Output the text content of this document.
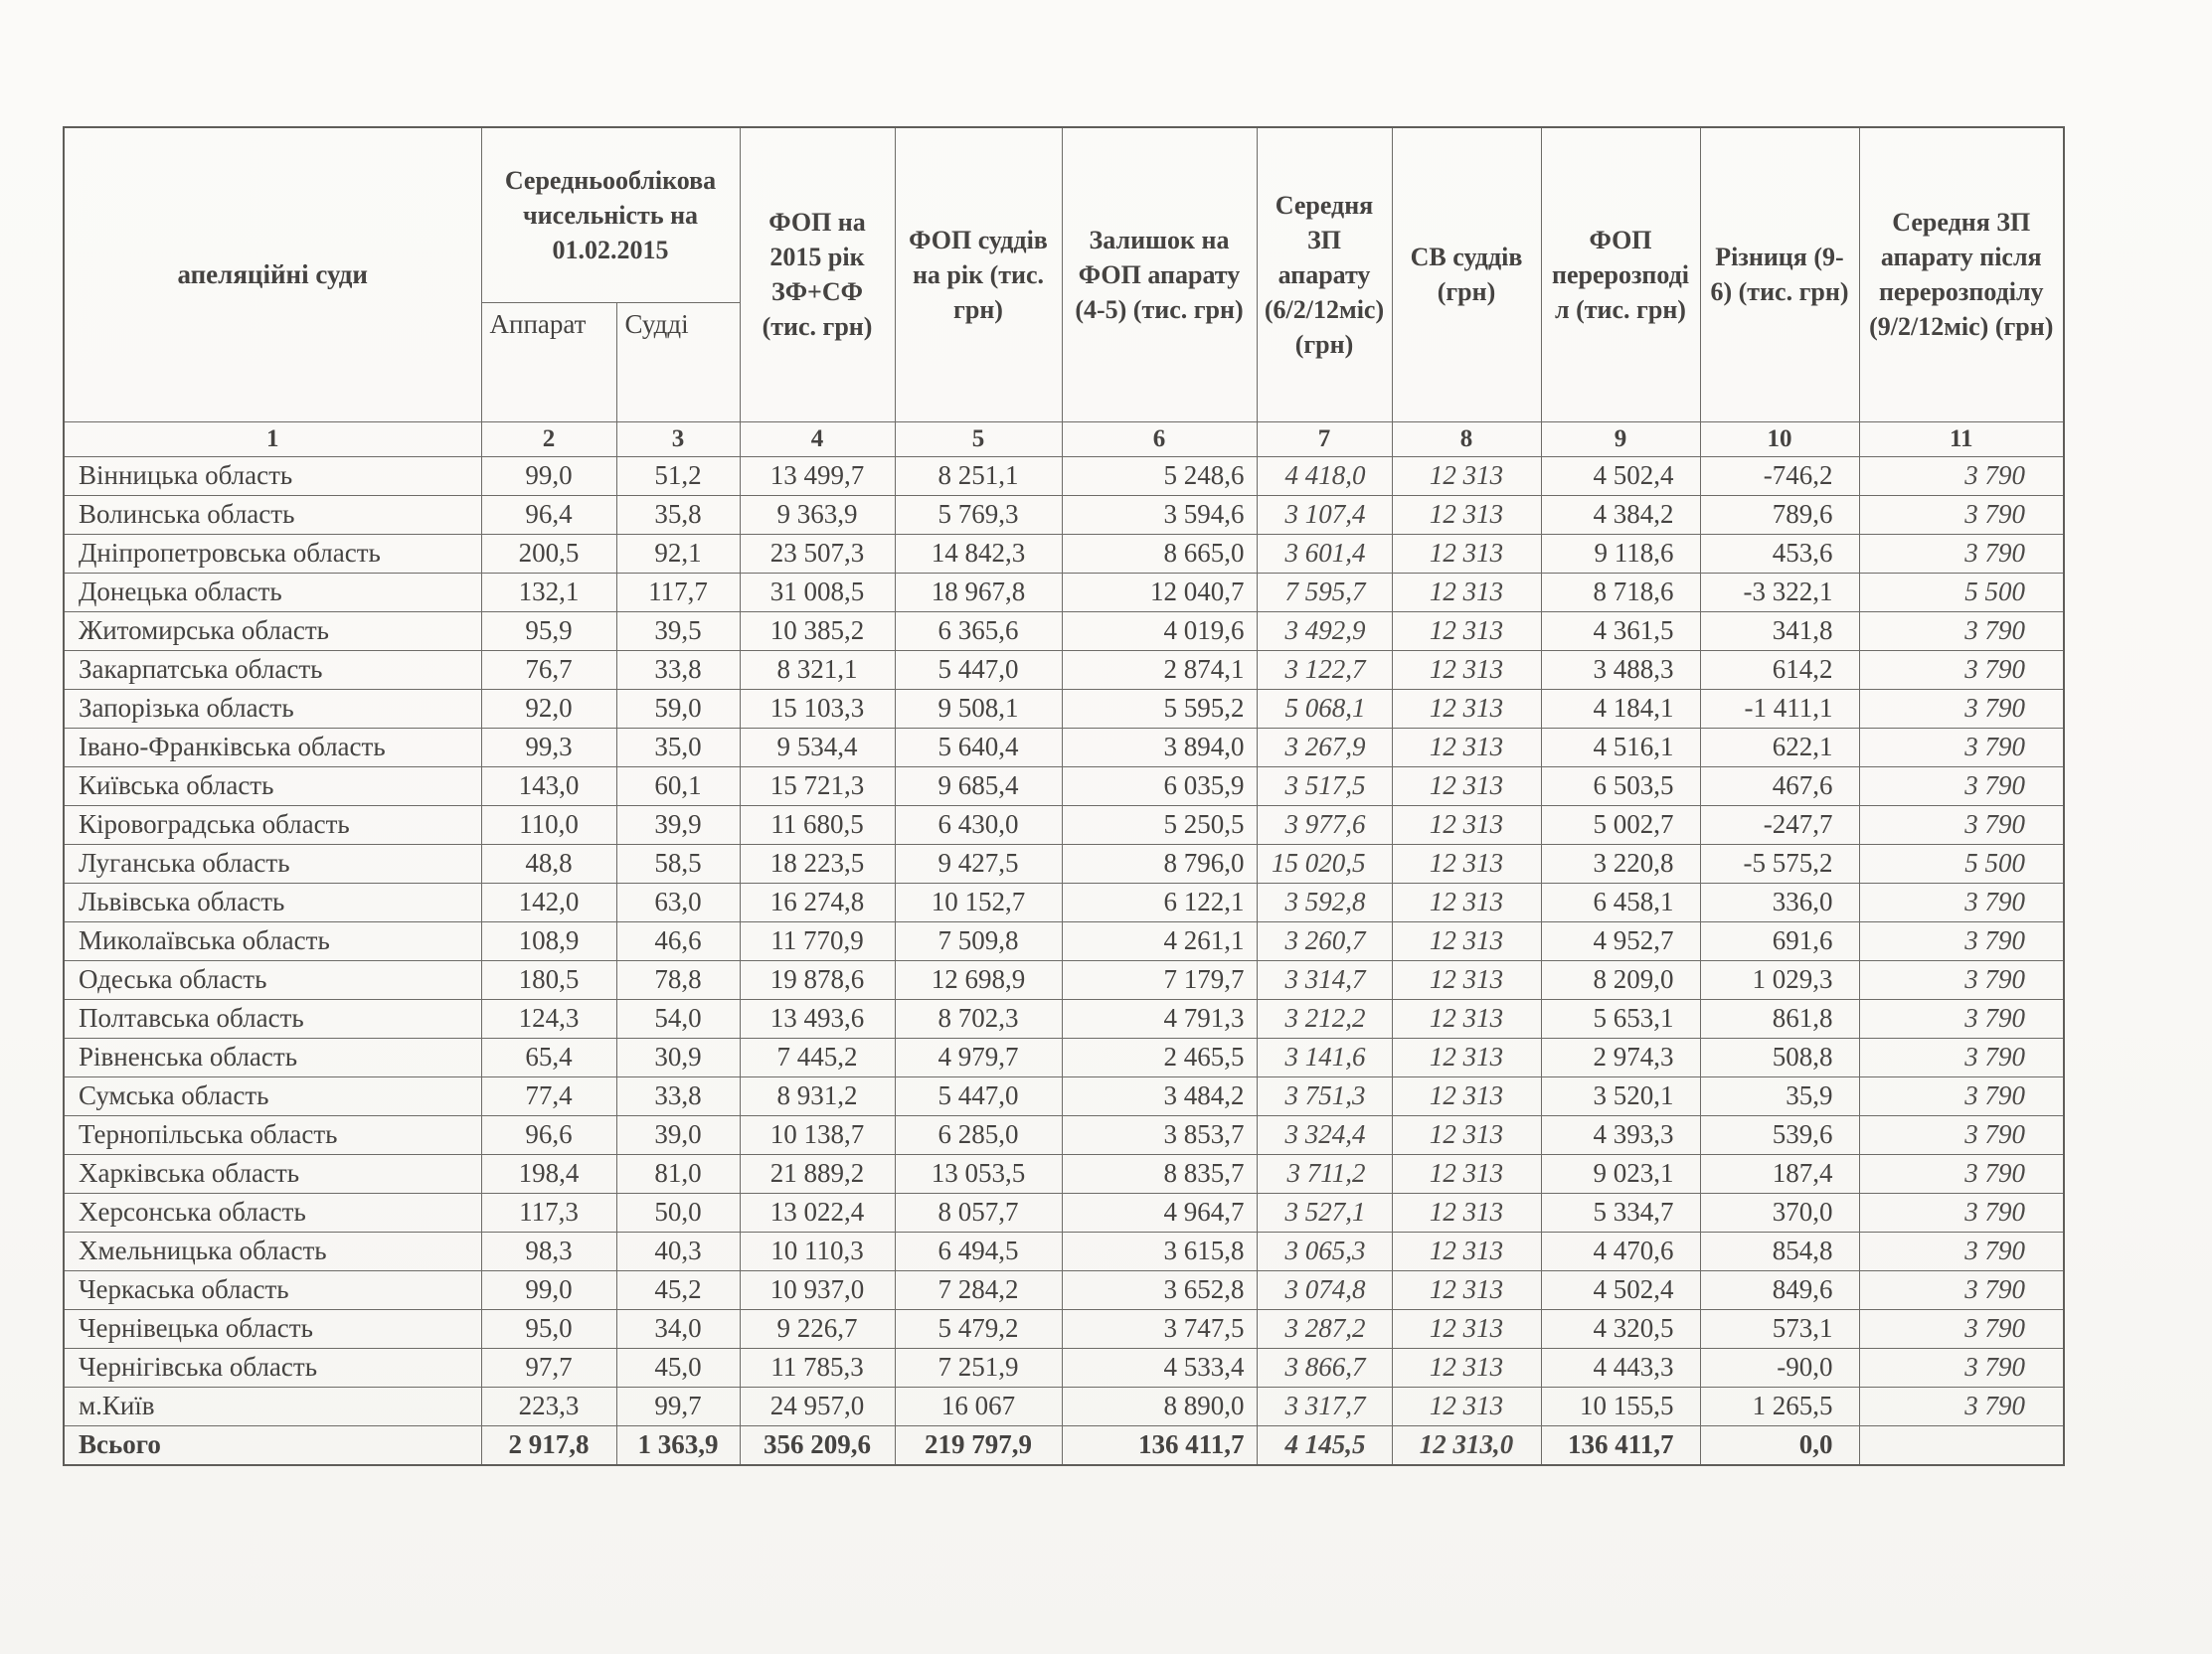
апеляційні суди	Середньооблікова чисельність на 01.02.2015		ФОП на 2015 рік ЗФ+СФ (тис. грн)	ФОП суддів на рік (тис. грн)	Залишок на ФОП апарату (4-5) (тис. грн)	Середня ЗП апарату (6/2/12міс) (грн)	СВ суддів (грн)	ФОП перерозподіл (тис. грн)	Різниця (9-6) (тис. грн)	Середня ЗП апарату після перерозподілу (9/2/12міс) (грн)
	Аппарат	Судді								
1	2	3	4	5	6	7	8	9	10	11
Вінницька область	99,0	51,2	13 499,7	8 251,1	5 248,6	4 418,0	12 313	4 502,4	-746,2	3 790
Волинська область	96,4	35,8	9 363,9	5 769,3	3 594,6	3 107,4	12 313	4 384,2	789,6	3 790
Дніпропетровська область	200,5	92,1	23 507,3	14 842,3	8 665,0	3 601,4	12 313	9 118,6	453,6	3 790
Донецька область	132,1	117,7	31 008,5	18 967,8	12 040,7	7 595,7	12 313	8 718,6	-3 322,1	5 500
Житомирська область	95,9	39,5	10 385,2	6 365,6	4 019,6	3 492,9	12 313	4 361,5	341,8	3 790
Закарпатська область	76,7	33,8	8 321,1	5 447,0	2 874,1	3 122,7	12 313	3 488,3	614,2	3 790
Запорізька область	92,0	59,0	15 103,3	9 508,1	5 595,2	5 068,1	12 313	4 184,1	-1 411,1	3 790
Івано-Франківська область	99,3	35,0	9 534,4	5 640,4	3 894,0	3 267,9	12 313	4 516,1	622,1	3 790
Київська область	143,0	60,1	15 721,3	9 685,4	6 035,9	3 517,5	12 313	6 503,5	467,6	3 790
Кіровоградська область	110,0	39,9	11 680,5	6 430,0	5 250,5	3 977,6	12 313	5 002,7	-247,7	3 790
Луганська область	48,8	58,5	18 223,5	9 427,5	8 796,0	15 020,5	12 313	3 220,8	-5 575,2	5 500
Львівська область	142,0	63,0	16 274,8	10 152,7	6 122,1	3 592,8	12 313	6 458,1	336,0	3 790
Миколаївська область	108,9	46,6	11 770,9	7 509,8	4 261,1	3 260,7	12 313	4 952,7	691,6	3 790
Одеська область	180,5	78,8	19 878,6	12 698,9	7 179,7	3 314,7	12 313	8 209,0	1 029,3	3 790
Полтавська область	124,3	54,0	13 493,6	8 702,3	4 791,3	3 212,2	12 313	5 653,1	861,8	3 790
Рівненська область	65,4	30,9	7 445,2	4 979,7	2 465,5	3 141,6	12 313	2 974,3	508,8	3 790
Сумська область	77,4	33,8	8 931,2	5 447,0	3 484,2	3 751,3	12 313	3 520,1	35,9	3 790
Тернопільська область	96,6	39,0	10 138,7	6 285,0	3 853,7	3 324,4	12 313	4 393,3	539,6	3 790
Харківська область	198,4	81,0	21 889,2	13 053,5	8 835,7	3 711,2	12 313	9 023,1	187,4	3 790
Херсонська область	117,3	50,0	13 022,4	8 057,7	4 964,7	3 527,1	12 313	5 334,7	370,0	3 790
Хмельницька область	98,3	40,3	10 110,3	6 494,5	3 615,8	3 065,3	12 313	4 470,6	854,8	3 790
Черкаська область	99,0	45,2	10 937,0	7 284,2	3 652,8	3 074,8	12 313	4 502,4	849,6	3 790
Чернівецька область	95,0	34,0	9 226,7	5 479,2	3 747,5	3 287,2	12 313	4 320,5	573,1	3 790
Чернігівська область	97,7	45,0	11 785,3	7 251,9	4 533,4	3 866,7	12 313	4 443,3	-90,0	3 790
м.Київ	223,3	99,7	24 957,0	16 067	8 890,0	3 317,7	12 313	10 155,5	1 265,5	3 790
Всього	2 917,8	1 363,9	356 209,6	219 797,9	136 411,7	4 145,5	12 313,0	136 411,7	0,0	
